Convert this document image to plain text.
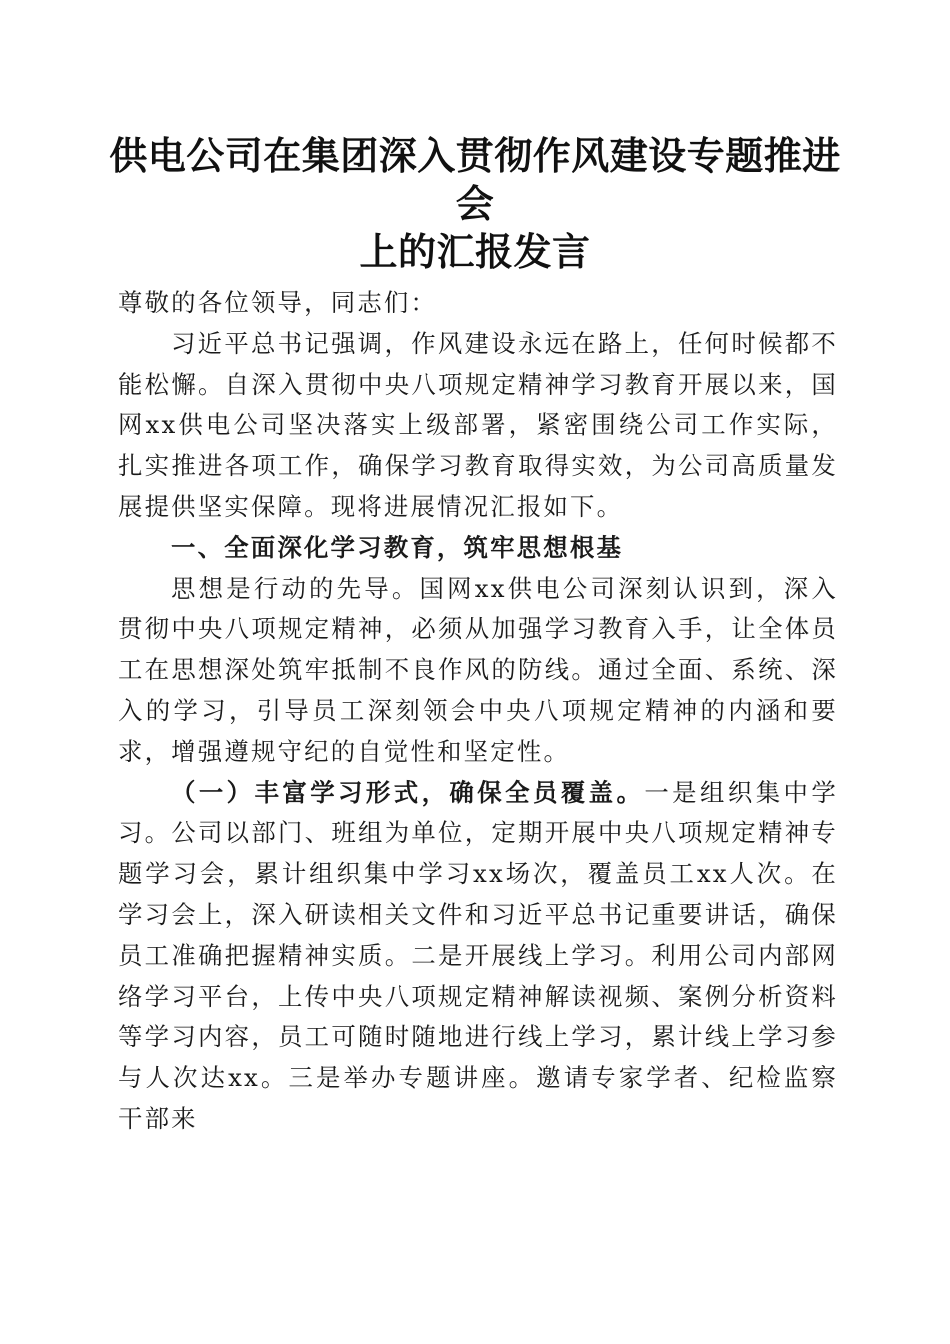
供电公司在集团深入贯彻作风建设专题推进会
上的汇报发言

尊敬的各位领导，同志们：

习近平总书记强调，作风建设永远在路上，任何时候都不能松懈。自深入贯彻中央八项规定精神学习教育开展以来，国网xx供电公司坚决落实上级部署，紧密围绕公司工作实际，扎实推进各项工作，确保学习教育取得实效，为公司高质量发展提供坚实保障。现将进展情况汇报如下。

一、全面深化学习教育，筑牢思想根基

思想是行动的先导。国网xx供电公司深刻认识到，深入贯彻中央八项规定精神，必须从加强学习教育入手，让全体员工在思想深处筑牢抵制不良作风的防线。通过全面、系统、深入的学习，引导员工深刻领会中央八项规定精神的内涵和要求，增强遵规守纪的自觉性和坚定性。

（一）丰富学习形式，确保全员覆盖。一是组织集中学习。公司以部门、班组为单位，定期开展中央八项规定精神专题学习会，累计组织集中学习xx场次，覆盖员工xx人次。在学习会上，深入研读相关文件和习近平总书记重要讲话，确保员工准确把握精神实质。二是开展线上学习。利用公司内部网络学习平台，上传中央八项规定精神解读视频、案例分析资料等学习内容，员工可随时随地进行线上学习，累计线上学习参与人次达xx。三是举办专题讲座。邀请专家学者、纪检监察干部来
